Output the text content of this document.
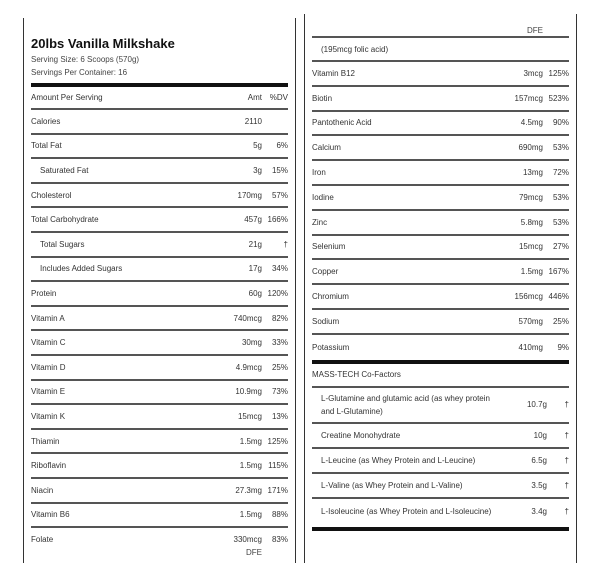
20lbs Vanilla Milkshake
Serving Size: 6 Scoops (570g)
Servings Per Container: 16
Amount Per Serving	Amt %DV
Calories	2110
Total Fat	5g	6%
Saturated Fat	3g	15%
Cholesterol	170mg	57%
Total Carbohydrate	457g 166%
Total Sugars	21g	†
Includes Added Sugars	17g	34%
Protein	60g 120%
Vitamin A	740mcg	82%
Vitamin C	30mg	33%
Vitamin D	4.9mcg	25%
Vitamin E	10.9mg	73%
Vitamin K	15mcg	13%
Thiamin	1.5mg 125%
Riboflavin	1.5mg 115%
Niacin	27.3mg 171%
Vitamin B6	1.5mg	88%
Folate	330mcg	83%
DFE
DFE
(195mcg folic acid)
Vitamin B12	3mcg 125%
Biotin	157mcg 523%
Pantothenic Acid	4.5mg	90%
Calcium	690mg	53%
Iron	13mg	72%
Iodine	79mcg	53%
Zinc	5.8mg	53%
Selenium	15mcg	27%
Copper	1.5mg 167%
Chromium	156mcg 446%
Sodium	570mg	25%
Potassium	410mg	9%
MASS-TECH Co-Factors
L-Glutamine and glutamic acid (as whey protein and L-Glutamine)
10.7g	†
Creatine Monohydrate	10g	†
L-Leucine (as Whey Protein and L-Leucine)	6.5g	†
L-Valine (as Whey Protein and L-Valine)	3.5g	†
L-Isoleucine (as Whey Protein and L-Isoleucine)	3.4g	†
